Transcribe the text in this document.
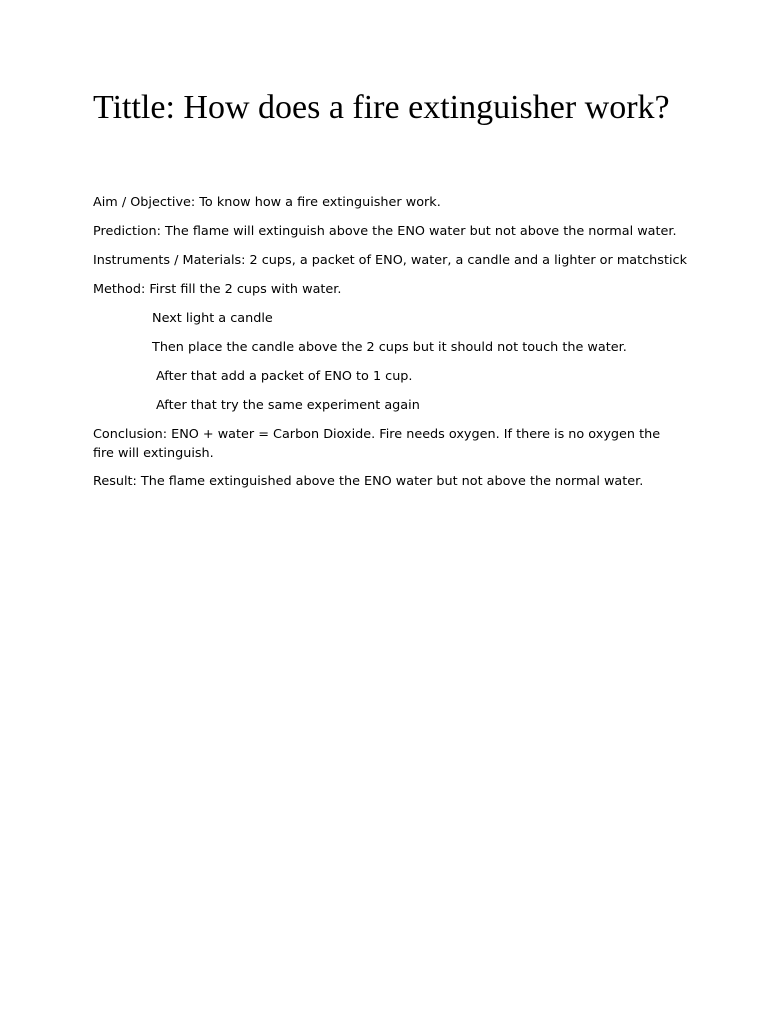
Tittle: How does a fire extinguisher work?

Aim / Objective: To know how a fire extinguisher work.

Prediction: The flame will extinguish above the ENO water but not above the normal water.

Instruments / Materials: 2 cups, a packet of ENO, water, a candle and a lighter or matchstick

Method: First fill the 2 cups with water.

Next light a candle

Then place the candle above the 2 cups but it should not touch the water.

After that add a packet of ENO to 1 cup.

After that try the same experiment again

Conclusion: ENO + water = Carbon Dioxide. Fire needs oxygen. If there is no oxygen the fire will extinguish.

Result: The flame extinguished above the ENO water but not above the normal water.
